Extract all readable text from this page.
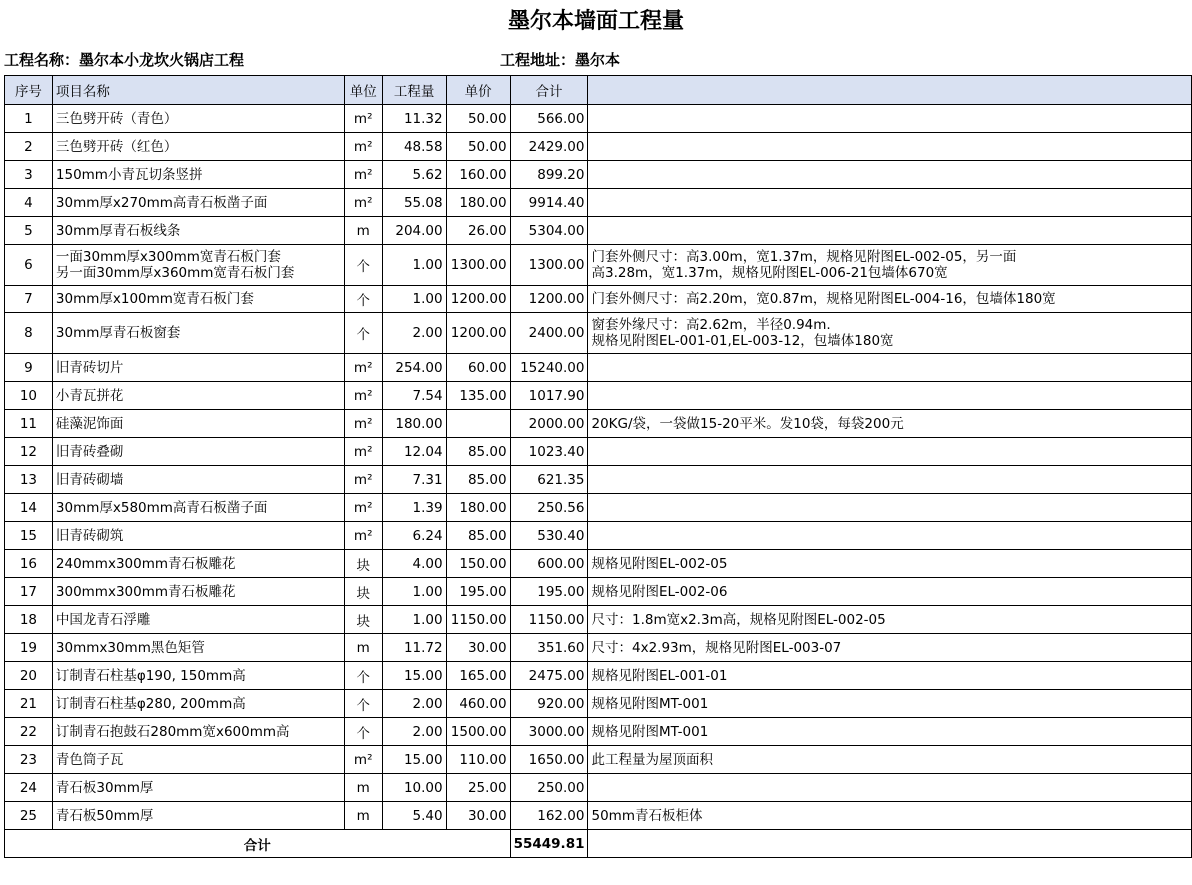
墨尔本墙面工程量
工程名称：墨尔本小龙坎火锅店工程	工程地址：墨尔本
序号	项目名称	单位	工程量	单价	合计	
1	三色劈开砖（青色）	m²	11.32	50.00	566.00	
2	三色劈开砖（红色）	m²	48.58	50.00	2429.00	
3	150mm小青瓦切条竖拼	m²	5.62	160.00	899.20	
4	30mm厚x270mm高青石板凿子面	m²	55.08	180.00	9914.40	
5	30mm厚青石板线条	m	204.00	26.00	5304.00	
6	一面30mm厚x300mm宽青石板门套
另一面30mm厚x360mm宽青石板门套	个	1.00	1300.00	1300.00	门套外侧尺寸：高3.00m，宽1.37m，规格见附图EL-002-05，另一面
高3.28m，宽1.37m，规格见附图EL-006-21包墙体670宽
7	30mm厚x100mm宽青石板门套	个	1.00	1200.00	1200.00	门套外侧尺寸：高2.20m，宽0.87m，规格见附图EL-004-16，包墙体180宽
8	30mm厚青石板窗套	个	2.00	1200.00	2400.00	窗套外缘尺寸：高2.62m，半径0.94m.
规格见附图EL-001-01,EL-003-12，包墙体180宽
9	旧青砖切片	m²	254.00	60.00	15240.00	
10	小青瓦拼花	m²	7.54	135.00	1017.90	
11	硅藻泥饰面	m²	180.00		2000.00	20KG/袋，一袋做15-20平米。发10袋，每袋200元
12	旧青砖叠砌	m²	12.04	85.00	1023.40	
13	旧青砖砌墙	m²	7.31	85.00	621.35	
14	30mm厚x580mm高青石板凿子面	m²	1.39	180.00	250.56	
15	旧青砖砌筑	m²	6.24	85.00	530.40	
16	240mmx300mm青石板雕花	块	4.00	150.00	600.00	规格见附图EL-002-05
17	300mmx300mm青石板雕花	块	1.00	195.00	195.00	规格见附图EL-002-06
18	中国龙青石浮雕	块	1.00	1150.00	1150.00	尺寸：1.8m宽x2.3m高，规格见附图EL-002-05
19	30mmx30mm黑色矩管	m	11.72	30.00	351.60	尺寸：4x2.93m，规格见附图EL-003-07
20	订制青石柱基φ190, 150mm高	个	15.00	165.00	2475.00	规格见附图EL-001-01
21	订制青石柱基φ280, 200mm高	个	2.00	460.00	920.00	规格见附图MT-001
22	订制青石抱鼓石280mm宽x600mm高	个	2.00	1500.00	3000.00	规格见附图MT-001
23	青色筒子瓦	m²	15.00	110.00	1650.00	此工程量为屋顶面积
24	青石板30mm厚	m	10.00	25.00	250.00	
25	青石板50mm厚	m	5.40	30.00	162.00	50mm青石板柜体
合计					55449.81	
